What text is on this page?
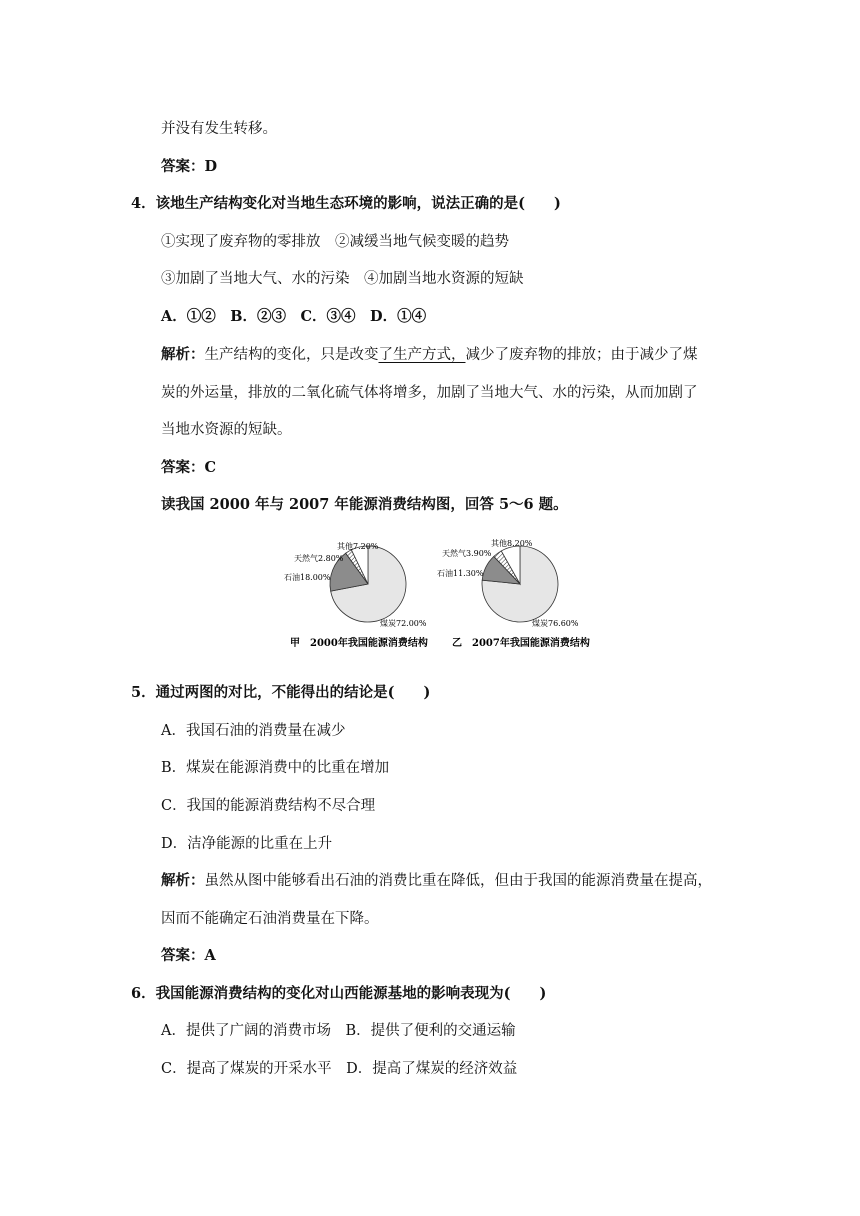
并没有发生转移。
答案：D
4．该地生产结构变化对当地生态环境的影响，说法正确的是(　　)
①实现了废弃物的零排放　②减缓当地气候变暖的趋势
③加剧了当地大气、水的污染　④加剧当地水资源的短缺
A．①②　B．②③　C．③④　D．①④
解析：生产结构的变化，只是改变了生产方式，减少了废弃物的排放；由于减少了煤
炭的外运量，排放的二氧化硫气体将增多，加剧了当地大气、水的污染，从而加剧了
当地水资源的短缺。
答案：C
读我国 2000 年与 2007 年能源消费结构图，回答 5～6 题。
煤炭72.00%
石油18.00%
天然气2.80%
其他7.20%
煤炭76.60%
石油11.30%
天然气3.90%
其他8.20%
甲　2000年我国能源消费结构 乙　2007年我国能源消费结构
5．通过两图的对比，不能得出的结论是(　　)
A．我国石油的消费量在减少
B．煤炭在能源消费中的比重在增加
C．我国的能源消费结构不尽合理
D．洁净能源的比重在上升
解析：虽然从图中能够看出石油的消费比重在降低，但由于我国的能源消费量在提高，
因而不能确定石油消费量在下降。
答案：A
6．我国能源消费结构的变化对山西能源基地的影响表现为(　　)
A．提供了广阔的消费市场　B．提供了便利的交通运输
C．提高了煤炭的开采水平　D．提高了煤炭的经济效益
